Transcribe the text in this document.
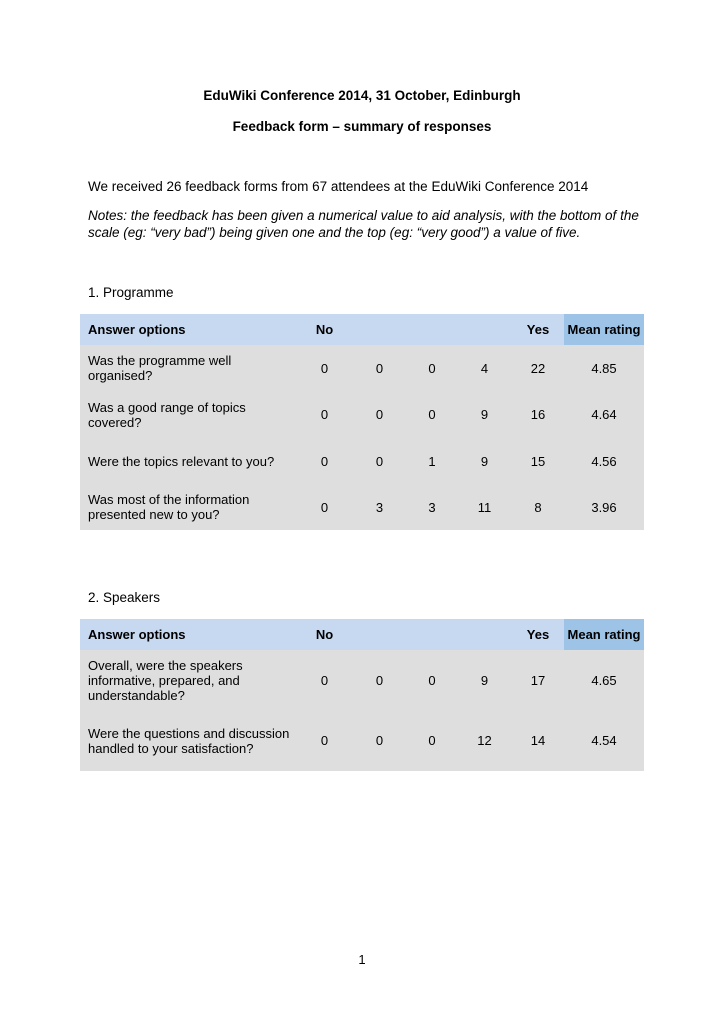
EduWiki Conference 2014, 31 October, Edinburgh
Feedback form – summary of responses
We received 26 feedback forms from 67 attendees at the EduWiki Conference 2014
Notes: the feedback has been given a numerical value to aid analysis, with the bottom of the scale (eg: “very bad”) being given one and the top (eg: “very good”) a value of five.
1. Programme
Answer options	No				Yes	Mean rating
Was the programme well organised?	0	0	0	4	22	4.85
Was a good range of topics covered?	0	0	0	9	16	4.64
Were the topics relevant to you?	0	0	1	9	15	4.56
Was most of the information presented new to you?	0	3	3	11	8	3.96
2. Speakers
Answer options	No				Yes	Mean rating
Overall, were the speakers informative, prepared, and understandable?	0	0	0	9	17	4.65
Were the questions and discussion handled to your satisfaction?	0	0	0	12	14	4.54
1
